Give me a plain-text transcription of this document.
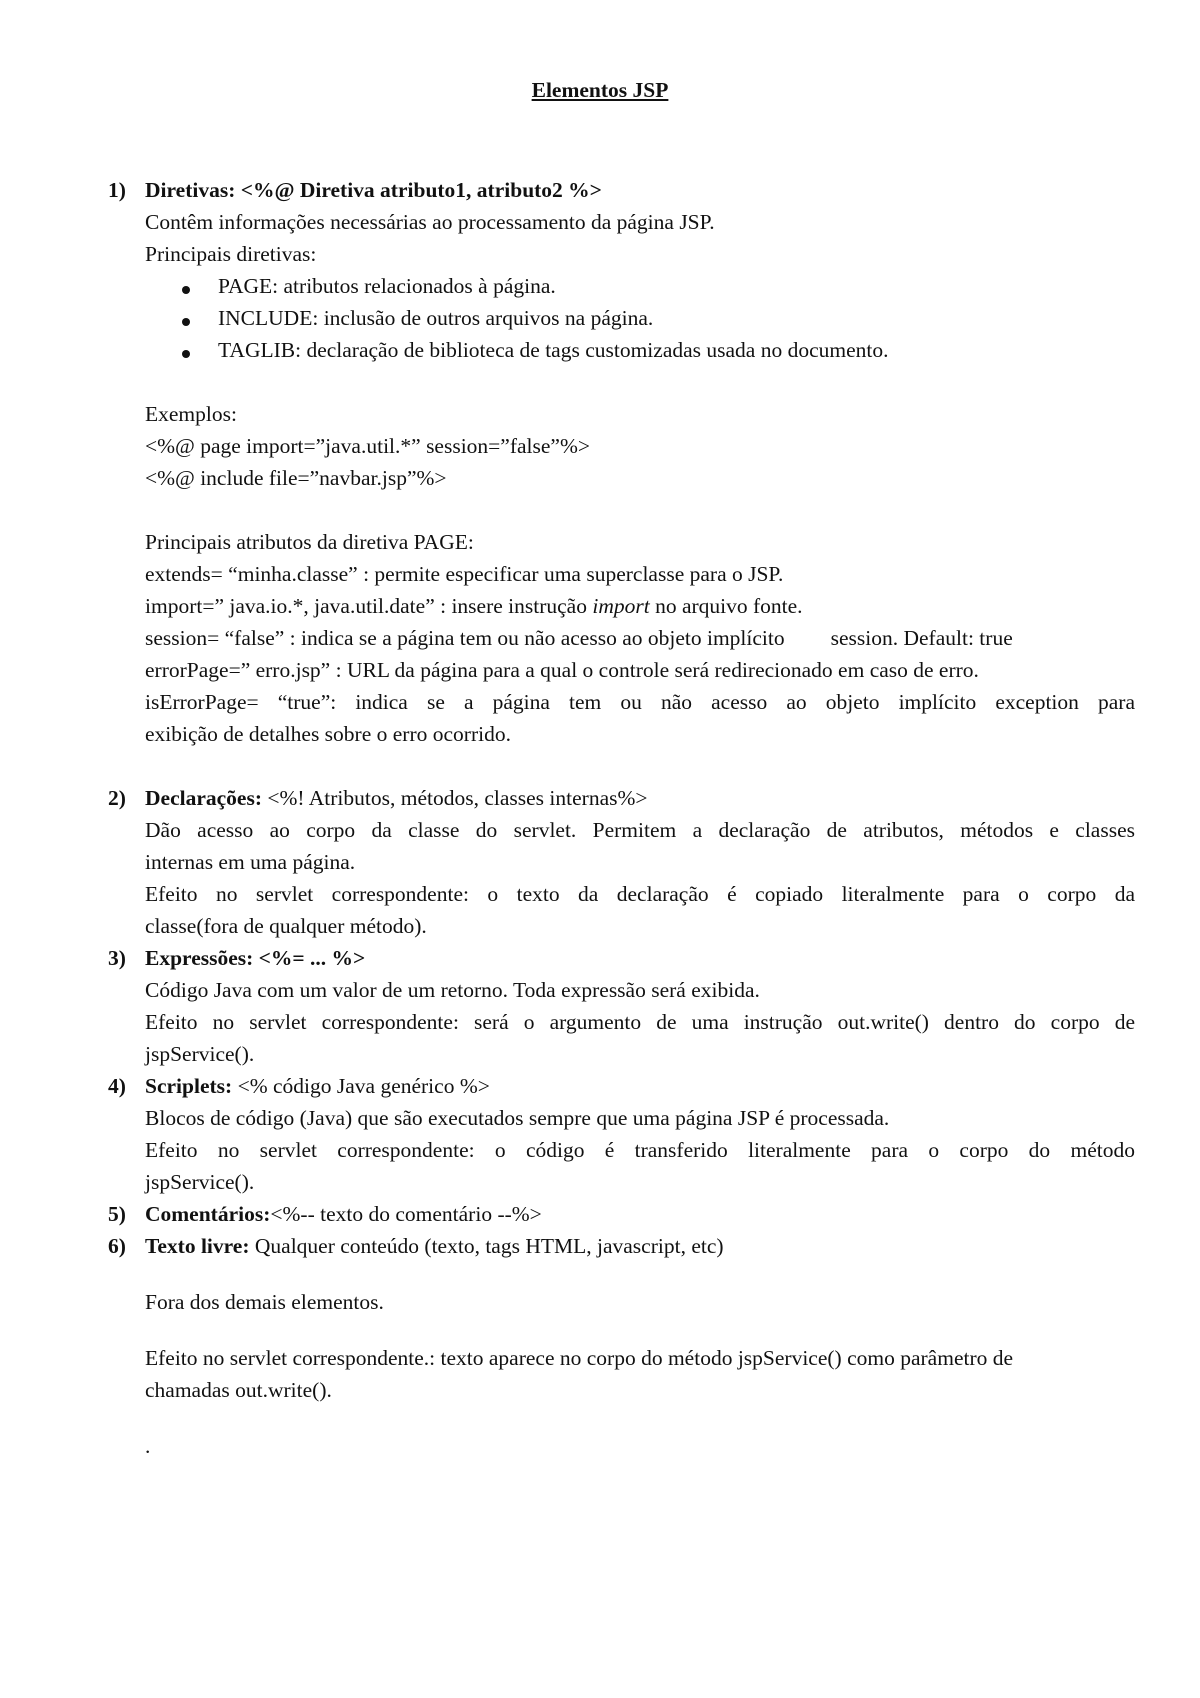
Elementos JSP
1) Diretivas: <%@ Diretiva atributo1, atributo2 %>
Contêm informações necessárias ao processamento da página JSP.
Principais diretivas:
PAGE: atributos relacionados à página.
INCLUDE: inclusão de outros arquivos na página.
TAGLIB: declaração de biblioteca de tags customizadas usada no documento.
Exemplos:
<%@ page import=”java.util.*” session=”false”%>
<%@ include file=”navbar.jsp”%>
Principais atributos da diretiva PAGE:
extends= “minha.classe” : permite especificar uma superclasse para o JSP.
import=” java.io.*, java.util.date” : insere instrução import no arquivo fonte.
session= “false” : indica se a página tem ou não acesso ao objeto implícito session. Default: true
errorPage=” erro.jsp” : URL da página para a qual o controle será redirecionado em caso de erro.
isErrorPage= “true”: indica se a página tem ou não acesso ao objeto implícito exception para
exibição de detalhes sobre o erro ocorrido.
2) Declarações: <%! Atributos, métodos, classes internas%>
Dão acesso ao corpo da classe do servlet. Permitem a declaração de atributos, métodos e classes
internas em uma página.
Efeito no servlet correspondente: o texto da declaração é copiado literalmente para o corpo da
classe(fora de qualquer método).
3) Expressões: <%= ... %>
Código Java com um valor de um retorno. Toda expressão será exibida.
Efeito no servlet correspondente: será o argumento de uma instrução out.write() dentro do corpo de
jspService().
4) Scriplets: <% código Java genérico %>
Blocos de código (Java) que são executados sempre que uma página JSP é processada.
Efeito no servlet correspondente: o código é transferido literalmente para o corpo do método
jspService().
5) Comentários:<%-- texto do comentário --%>
6) Texto livre: Qualquer conteúdo (texto, tags HTML, javascript, etc)
Fora dos demais elementos.
Efeito no servlet correspondente.: texto aparece no corpo do método jspService() como parâmetro de
chamadas out.write().
.
